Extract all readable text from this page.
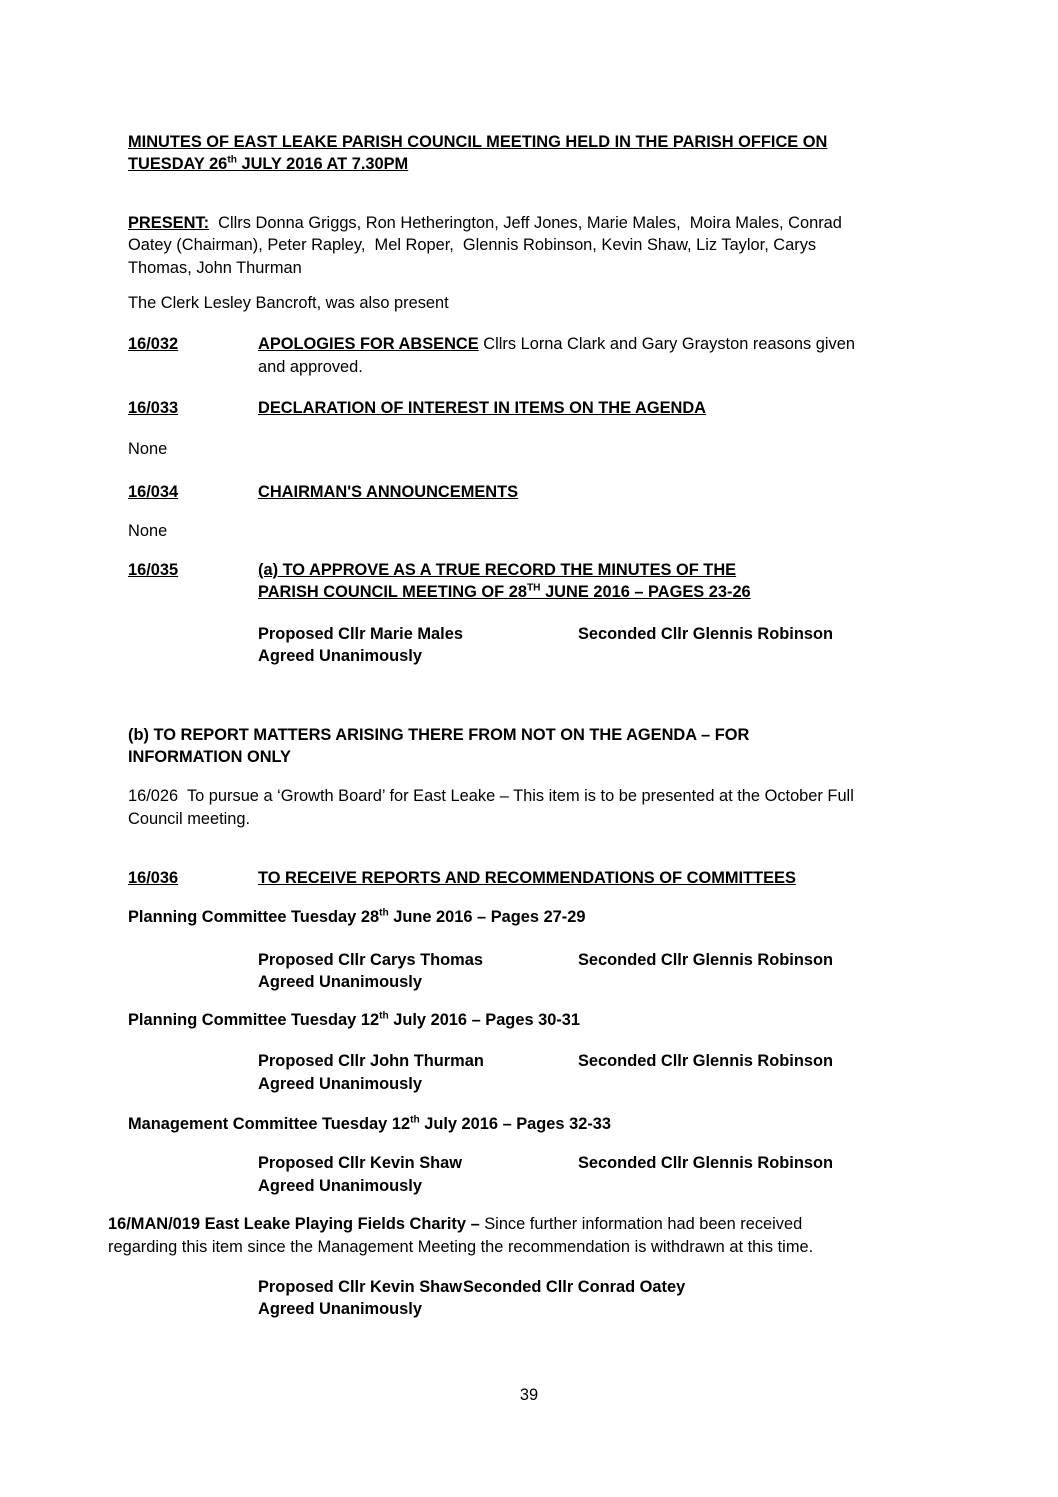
MINUTES OF EAST LEAKE PARISH COUNCIL MEETING HELD IN THE PARISH OFFICE ON
TUESDAY 26th JULY 2016 AT 7.30PM
PRESENT:  Cllrs Donna Griggs, Ron Hetherington, Jeff Jones, Marie Males,  Moira Males, Conrad
Oatey (Chairman), Peter Rapley,  Mel Roper,  Glennis Robinson, Kevin Shaw, Liz Taylor, Carys
Thomas, John Thurman
The Clerk Lesley Bancroft, was also present
16/032	APOLOGIES FOR ABSENCE Cllrs Lorna Clark and Gary Grayston reasons given
and approved.
16/033	DECLARATION OF INTEREST IN ITEMS ON THE AGENDA
None
16/034	CHAIRMAN'S ANNOUNCEMENTS
None
16/035	(a) TO APPROVE AS A TRUE RECORD THE MINUTES OF THE
PARISH COUNCIL MEETING OF 28TH JUNE 2016 – PAGES 23-26
Proposed Cllr Marie Males	Seconded Cllr Glennis Robinson
Agreed Unanimously
(b) TO REPORT MATTERS ARISING THERE FROM NOT ON THE AGENDA – FOR
INFORMATION ONLY
16/026  To pursue a ‘Growth Board’ for East Leake – This item is to be presented at the October Full
Council meeting.
16/036	TO RECEIVE REPORTS AND RECOMMENDATIONS OF COMMITTEES
Planning Committee Tuesday 28th June 2016 – Pages 27-29
Proposed Cllr Carys Thomas	Seconded Cllr Glennis Robinson
Agreed Unanimously
Planning Committee Tuesday 12th July 2016 – Pages 30-31
Proposed Cllr John Thurman	Seconded Cllr Glennis Robinson
Agreed Unanimously
Management Committee Tuesday 12th July 2016 – Pages 32-33
Proposed Cllr Kevin Shaw	Seconded Cllr Glennis Robinson
Agreed Unanimously
16/MAN/019 East Leake Playing Fields Charity – Since further information had been received
regarding this item since the Management Meeting the recommendation is withdrawn at this time.
Proposed Cllr Kevin Shaw Seconded Cllr Conrad Oatey
Agreed Unanimously
39
